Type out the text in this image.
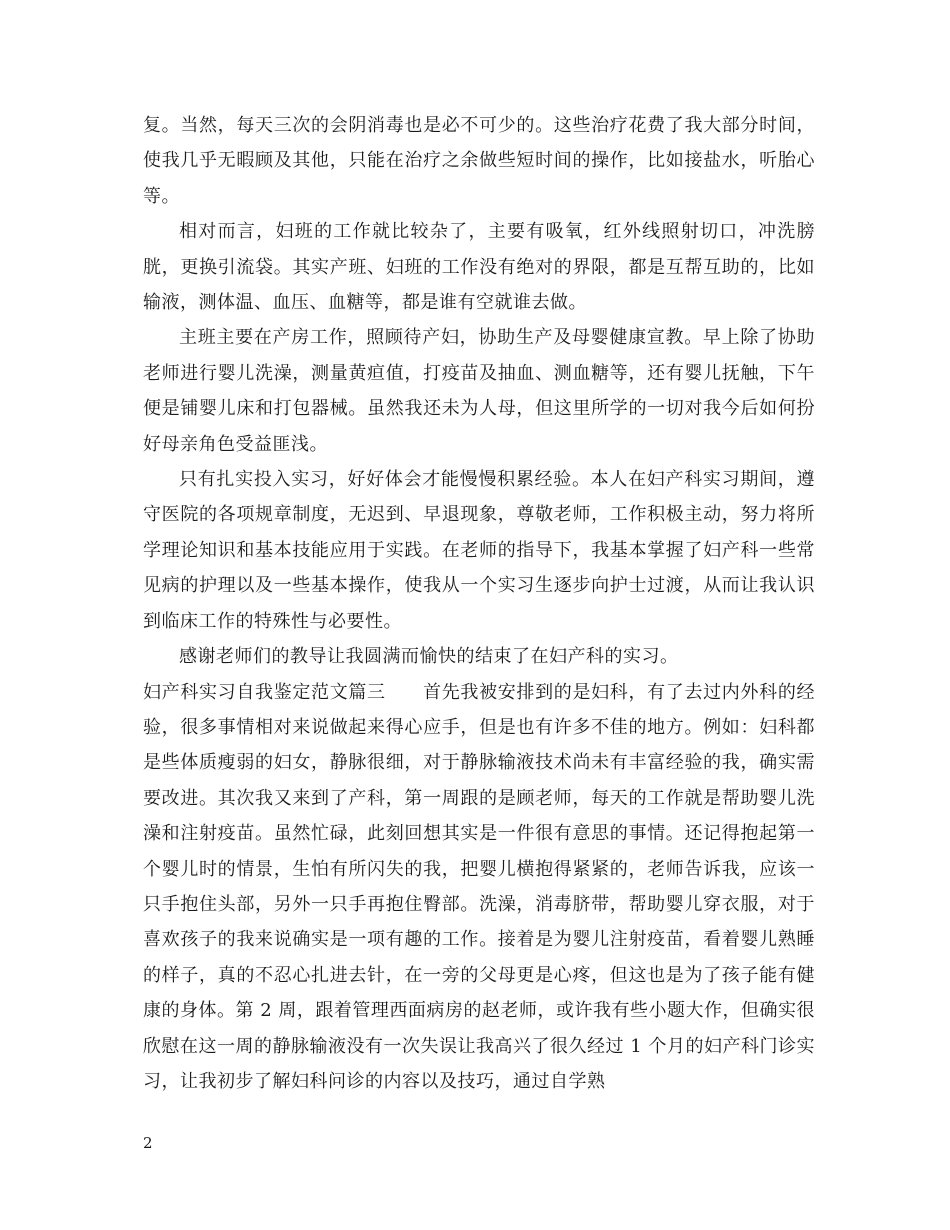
复。当然，每天三次的会阴消毒也是必不可少的。这些治疗花费了我大部分时间，使我几乎无暇顾及其他，只能在治疗之余做些短时间的操作，比如接盐水，听胎心等。

相对而言，妇班的工作就比较杂了，主要有吸氧，红外线照射切口，冲洗膀胱，更换引流袋。其实产班、妇班的工作没有绝对的界限，都是互帮互助的，比如输液，测体温、血压、血糖等，都是谁有空就谁去做。

主班主要在产房工作，照顾待产妇，协助生产及母婴健康宣教。早上除了协助老师进行婴儿洗澡，测量黄疸值，打疫苗及抽血、测血糖等，还有婴儿抚触，下午便是铺婴儿床和打包器械。虽然我还未为人母，但这里所学的一切对我今后如何扮好母亲角色受益匪浅。

只有扎实投入实习，好好体会才能慢慢积累经验。本人在妇产科实习期间，遵守医院的各项规章制度，无迟到、早退现象，尊敬老师，工作积极主动，努力将所学理论知识和基本技能应用于实践。在老师的指导下，我基本掌握了妇产科一些常见病的护理以及一些基本操作，使我从一个实习生逐步向护士过渡，从而让我认识到临床工作的特殊性与必要性。

感谢老师们的教导让我圆满而愉快的结束了在妇产科的实习。

妇产科实习自我鉴定范文篇三　　首先我被安排到的是妇科，有了去过内外科的经验，很多事情相对来说做起来得心应手，但是也有许多不佳的地方。例如：妇科都是些体质瘦弱的妇女，静脉很细，对于静脉输液技术尚未有丰富经验的我，确实需要改进。其次我又来到了产科，第一周跟的是顾老师，每天的工作就是帮助婴儿洗澡和注射疫苗。虽然忙碌，此刻回想其实是一件很有意思的事情。还记得抱起第一个婴儿时的情景，生怕有所闪失的我，把婴儿横抱得紧紧的，老师告诉我，应该一只手抱住头部，另外一只手再抱住臀部。洗澡，消毒脐带，帮助婴儿穿衣服，对于喜欢孩子的我来说确实是一项有趣的工作。接着是为婴儿注射疫苗，看着婴儿熟睡的样子，真的不忍心扎进去针，在一旁的父母更是心疼，但这也是为了孩子能有健康的身体。第 2 周，跟着管理西面病房的赵老师，或许我有些小题大作，但确实很欣慰在这一周的静脉输液没有一次失误让我高兴了很久经过 1 个月的妇产科门诊实习，让我初步了解妇科问诊的内容以及技巧，通过自学熟

2
